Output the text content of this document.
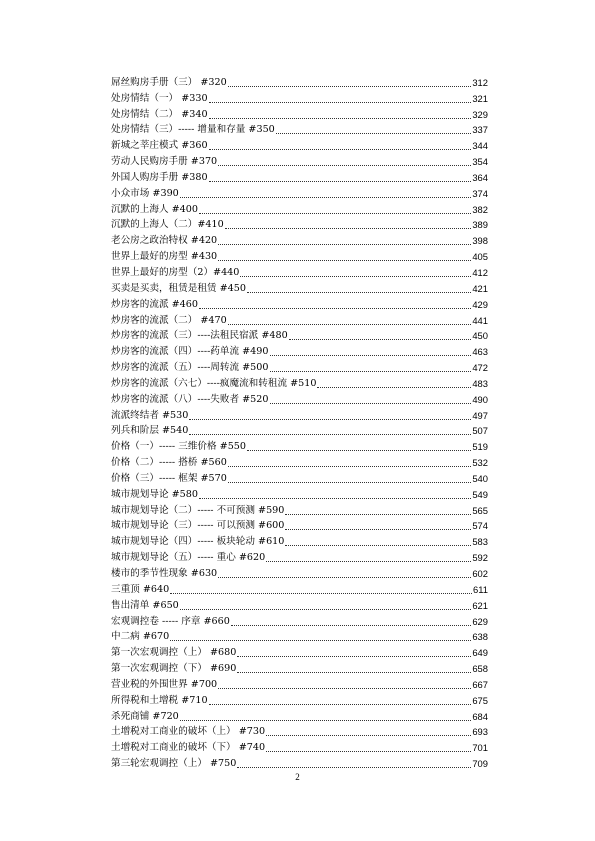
屌丝购房手册（三） #320	312
处房情结（一） #330	321
处房情结（二） #340	329
处房情结（三）----- 增量和存量 #350	337
新城之莘庄模式 #360	344
劳动人民购房手册 #370	354
外国人购房手册 #380	364
小众市场 #390	374
沉默的上海人 #400	382
沉默的上海人（二）#410	389
老公房之政治特权 #420	398
世界上最好的房型 #430	405
世界上最好的房型（2）#440	412
买卖是买卖，租赁是租赁 #450	421
炒房客的流派 #460	429
炒房客的流派（二） #470	441
炒房客的流派（三）----法租民宿派 #480	450
炒房客的流派（四）----药单流 #490	463
炒房客的流派（五）----周转流 #500	472
炒房客的流派（六七）----疯魔流和转租流 #510	483
炒房客的流派（八）----失败者 #520	490
流派终结者 #530	497
列兵和阶层 #540	507
价格（一）----- 三维价格 #550	519
价格（二）----- 搭桥 #560	532
价格（三）----- 框架 #570	540
城市规划导论 #580	549
城市规划导论（二）----- 不可预测 #590	565
城市规划导论（三）----- 可以预测 #600	574
城市规划导论（四）----- 板块轮动 #610	583
城市规划导论（五）----- 重心 #620	592
楼市的季节性现象 #630	602
三重顶 #640	611
售出清单 #650	621
宏观调控卷 ----- 序章 #660	629
中二病 #670	638
第一次宏观调控（上） #680	649
第一次宏观调控（下） #690	658
营业税的外围世界 #700	667
所得税和土增税 #710	675
杀死商铺 #720	684
土增税对工商业的破坏（上） #730	693
土增税对工商业的破坏（下） #740	701
第三轮宏观调控（上） #750	709
2
